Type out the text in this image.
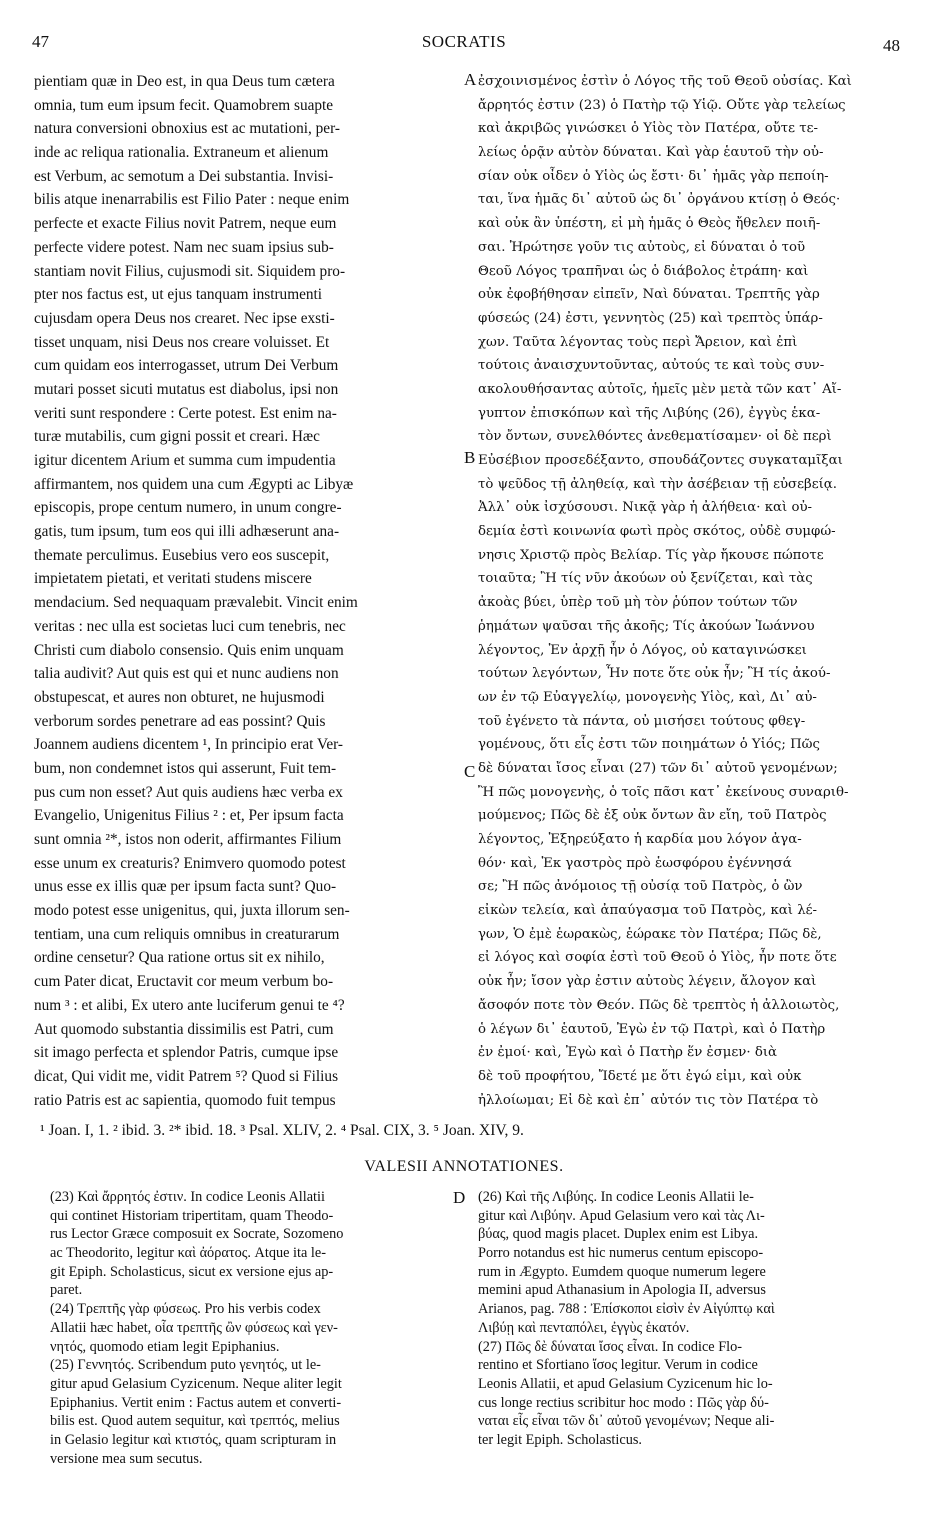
47	SOCRATIS	48
pientiam quæ in Deo est, in qua Deus tum cætera
omnia, tum eum ipsum fecit. Quamobrem suapte
natura conversioni obnoxius est ac mutationi, per-
inde ac reliqua rationalia. Extraneum et alienum
est Verbum, ac semotum a Dei substantia. Invisi-
bilis atque inenarrabilis est Filio Pater : neque enim
perfecte et exacte Filius novit Patrem, neque eum
perfecte videre potest. Nam nec suam ipsius sub-
stantiam novit Filius, cujusmodi sit. Siquidem pro-
pter nos factus est, ut ejus tanquam instrumenti
cujusdam opera Deus nos crearet. Nec ipse exsti-
tisset unquam, nisi Deus nos creare voluisset. Et
cum quidam eos interrogasset, utrum Dei Verbum
mutari posset sicuti mutatus est diabolus, ipsi non
veriti sunt respondere : Certe potest. Est enim na-
turæ mutabilis, cum gigni possit et creari. Hæc
igitur dicentem Arium et summa cum impudentia
affirmantem, nos quidem una cum Ægypti ac Libyæ
episcopis, prope centum numero, in unum congre-
gatis, tum ipsum, tum eos qui illi adhæserunt ana-
themate perculimus. Eusebius vero eos suscepit,
impietatem pietati, et veritati studens miscere
mendacium. Sed nequaquam prævalebit. Vincit enim
veritas : nec ulla est societas luci cum tenebris, nec
Christi cum diabolo consensio. Quis enim unquam
talia audivit? Aut quis est qui et nunc audiens non
obstupescat, et aures non obturet, ne hujusmodi
verborum sordes penetrare ad eas possint? Quis
Joannem audiens dicentem ¹, In principio erat Ver-
bum, non condemnet istos qui asserunt, Fuit tem-
pus cum non esset? Aut quis audiens hæc verba ex
Evangelio, Unigenitus Filius ² : et, Per ipsum facta
sunt omnia ²*, istos non oderit, affirmantes Filium
esse unum ex creaturis? Enimvero quomodo potest
unus esse ex illis quæ per ipsum facta sunt? Quo-
modo potest esse unigenitus, qui, juxta illorum sen-
tentiam, una cum reliquis omnibus in creaturarum
ordine censetur? Qua ratione ortus sit ex nihilo,
cum Pater dicat, Eructavit cor meum verbum bo-
num ³ : et alibi, Ex utero ante luciferum genui te ⁴?
Aut quomodo substantia dissimilis est Patri, cum
sit imago perfecta et splendor Patris, cumque ipse
dicat, Qui vidit me, vidit Patrem ⁵? Quod si Filius
ratio Patris est ac sapientia, quomodo fuit tempus
ἐσχοινισμένος ἐστὶν ὁ Λόγος τῆς τοῦ Θεοῦ οὐσίας. Καὶ
ἄρρητός ἐστιν (23) ὁ Πατὴρ τῷ Υἱῷ. Οὔτε γὰρ τελείως
καὶ ἀκριβῶς γινώσκει ὁ Υἱὸς τὸν Πατέρα, οὔτε τε-
λείως ὁρᾷν αὐτὸν δύναται. Καὶ γὰρ ἑαυτοῦ τὴν οὐ-
σίαν οὐκ οἶδεν ὁ Υἱὸς ὡς ἔστι· δι᾽ ἡμᾶς γὰρ πεποίη-
ται, ἵνα ἡμᾶς δι᾽ αὐτοῦ ὡς δι᾽ ὀργάνου κτίσῃ ὁ Θεός·
καὶ οὐκ ἂν ὑπέστη, εἰ μὴ ἡμᾶς ὁ Θεὸς ἤθελεν ποιῆ-
σαι. Ἠρώτησε γοῦν τις αὐτοὺς, εἰ δύναται ὁ τοῦ
Θεοῦ Λόγος τραπῆναι ὡς ὁ διάβολος ἐτράπη· καὶ
οὐκ ἐφοβήθησαν εἰπεῖν, Ναὶ δύναται. Τρεπτῆς γὰρ
φύσεώς (24) ἐστι, γεννητὸς (25) καὶ τρεπτὸς ὑπάρ-
χων. Ταῦτα λέγοντας τοὺς περὶ Ἄρειον, καὶ ἐπὶ
τούτοις ἀναισχυντοῦντας, αὐτούς τε καὶ τοὺς συν-
ακολουθήσαντας αὐτοῖς, ἡμεῖς μὲν μετὰ τῶν κατ᾽ Αἴ-
γυπτον ἐπισκόπων καὶ τῆς Λιβύης (26), ἐγγὺς ἑκα-
τὸν ὄντων, συνελθόντες ἀνεθεματίσαμεν· οἱ δὲ περὶ
Εὐσέβιον προσεδέξαντο, σπουδάζοντες συγκαταμῖξαι
τὸ ψεῦδος τῇ ἀληθείᾳ, καὶ τὴν ἀσέβειαν τῇ εὐσεβείᾳ.
Ἀλλ᾽ οὐκ ἰσχύσουσι. Νικᾷ γὰρ ἡ ἀλήθεια· καὶ οὐ-
δεμία ἐστὶ κοινωνία φωτὶ πρὸς σκότος, οὐδὲ συμφώ-
νησις Χριστῷ πρὸς Βελίαρ. Τίς γὰρ ἤκουσε πώποτε
τοιαῦτα; Ἢ τίς νῦν ἀκούων οὐ ξενίζεται, καὶ τὰς
ἀκοὰς βύει, ὑπὲρ τοῦ μὴ τὸν ῥύπον τούτων τῶν
ῥημάτων ψαῦσαι τῆς ἀκοῆς; Τίς ἀκούων Ἰωάννου
λέγοντος, Ἐν ἀρχῇ ἦν ὁ Λόγος, οὐ καταγινώσκει
τούτων λεγόντων, Ἦν ποτε ὅτε οὐκ ἦν; Ἢ τίς ἀκού-
ων ἐν τῷ Εὐαγγελίῳ, μονογενὴς Υἱὸς, καὶ, Δι᾽ αὐ-
τοῦ ἐγένετο τὰ πάντα, οὐ μισήσει τούτους φθεγ-
γομένους, ὅτι εἷς ἐστι τῶν ποιημάτων ὁ Υἱός; Πῶς
δὲ δύναται ἴσος εἶναι (27) τῶν δι᾽ αὐτοῦ γενομένων;
Ἢ πῶς μονογενὴς, ὁ τοῖς πᾶσι κατ᾽ ἐκείνους συναριθ-
μούμενος; Πῶς δὲ ἐξ οὐκ ὄντων ἂν εἴη, τοῦ Πατρὸς
λέγοντος, Ἐξηρεύξατο ἡ καρδία μου λόγον ἀγα-
θόν· καὶ, Ἐκ γαστρὸς πρὸ ἑωσφόρου ἐγέννησά
σε; Ἢ πῶς ἀνόμοιος τῇ οὐσίᾳ τοῦ Πατρὸς, ὁ ὢν
εἰκὼν τελεία, καὶ ἀπαύγασμα τοῦ Πατρὸς, καὶ λέ-
γων, Ὁ ἐμὲ ἑωρακὼς, ἑώρακε τὸν Πατέρα; Πῶς δὲ,
εἰ λόγος καὶ σοφία ἐστὶ τοῦ Θεοῦ ὁ Υἱὸς, ἦν ποτε ὅτε
οὐκ ἦν; ἴσον γὰρ ἐστιν αὐτοὺς λέγειν, ἄλογον καὶ
ἄσοφόν ποτε τὸν Θεόν. Πῶς δὲ τρεπτὸς ἡ ἀλλοιωτὸς,
ὁ λέγων δι᾽ ἑαυτοῦ, Ἐγὼ ἐν τῷ Πατρὶ, καὶ ὁ Πατὴρ
ἐν ἐμοί· καὶ, Ἐγὼ καὶ ὁ Πατὴρ ἕν ἐσμεν· διὰ
δὲ τοῦ προφήτου, Ἴδετέ με ὅτι ἐγώ εἰμι, καὶ οὐκ
ἠλλοίωμαι; Εἰ δὲ καὶ ἐπ᾽ αὐτόν τις τὸν Πατέρα τὸ
A
B
C
D
¹ Joan. I, 1. ² ibid. 3. ²* ibid. 18. ³ Psal. XLIV, 2. ⁴ Psal. CIX, 3. ⁵ Joan. XIV, 9.
VALESII ANNOTATIONES.
(23) Καὶ ἄρρητός ἐστιν. In codice Leonis Allatii
qui continet Historiam tripertitam, quam Theodo-
rus Lector Græce composuit ex Socrate, Sozomeno
ac Theodorito, legitur καὶ ἀόρατος. Atque ita le-
git Epiph. Scholasticus, sicut ex versione ejus ap-
paret.
(24) Τρεπτῆς γὰρ φύσεως. Pro his verbis codex
Allatii hæc habet, οἷα τρεπτῆς ὢν φύσεως καὶ γεν-
νητός, quomodo etiam legit Epiphanius.
(25) Γεννητός. Scribendum puto γενητός, ut le-
gitur apud Gelasium Cyzicenum. Neque aliter legit
Epiphanius. Vertit enim : Factus autem et converti-
bilis est. Quod autem sequitur, καὶ τρεπτός, melius
in Gelasio legitur καὶ κτιστός, quam scripturam in
versione mea sum secutus.
(26) Καὶ τῆς Λιβύης. In codice Leonis Allatii le-
gitur καὶ Λιβύην. Apud Gelasium vero καὶ τὰς Λι-
βύας, quod magis placet. Duplex enim est Libya.
Porro notandus est hic numerus centum episcopo-
rum in Ægypto. Eumdem quoque numerum legere
memini apud Athanasium in Apologia II, adversus
Arianos, pag. 788 : Ἐπίσκοποι εἰσὶν ἐν Αἰγύπτῳ καὶ
Λιβύῃ καὶ πενταπόλει, ἐγγὺς ἑκατόν.
(27) Πῶς δὲ δύναται ἴσος εἶναι. In codice Flo-
rentino et Sfortiano ἴσος legitur. Verum in codice
Leonis Allatii, et apud Gelasium Cyzicenum hic lo-
cus longe rectius scribitur hoc modo : Πῶς γὰρ δύ-
ναται εἷς εἶναι τῶν δι᾽ αὐτοῦ γενομένων; Neque ali-
ter legit Epiph. Scholasticus.
